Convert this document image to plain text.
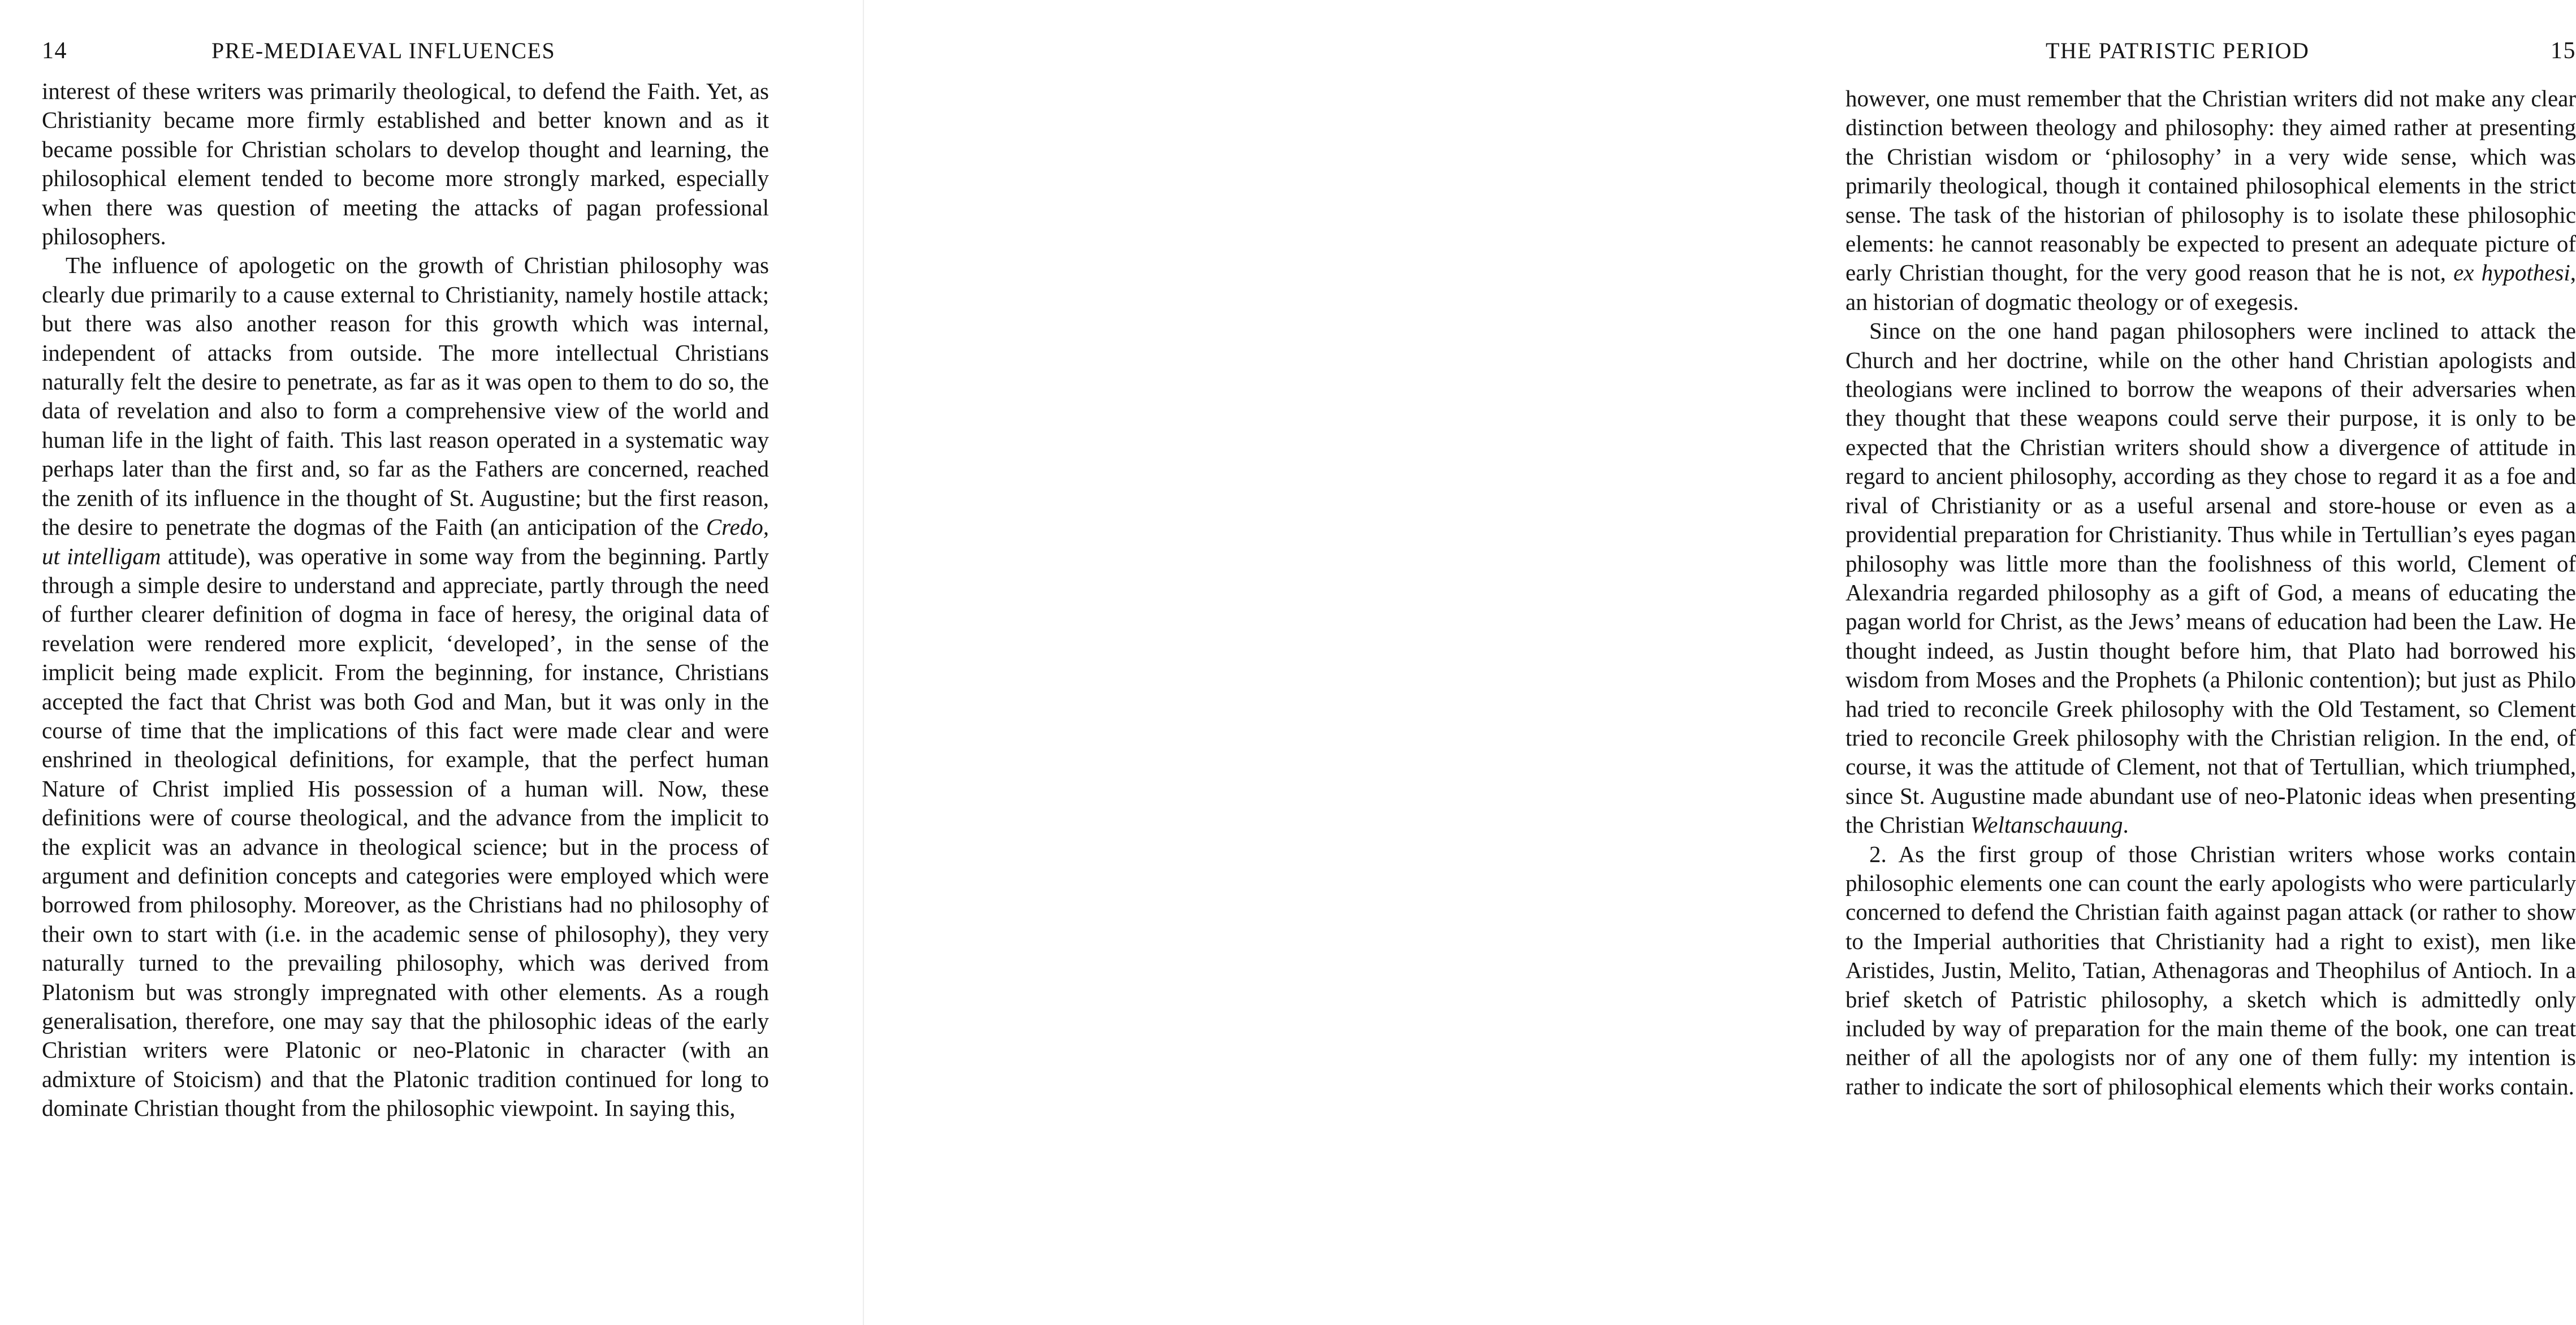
14	PRE-MEDIAEVAL INFLUENCES

interest of these writers was primarily theological, to defend the Faith. Yet, as Christianity became more firmly established and better known and as it became possible for Christian scholars to develop thought and learning, the philosophical element tended to become more strongly marked, especially when there was question of meeting the attacks of pagan professional philosophers.

The influence of apologetic on the growth of Christian philosophy was clearly due primarily to a cause external to Christianity, namely hostile attack; but there was also another reason for this growth which was internal, independent of attacks from outside. The more intellectual Christians naturally felt the desire to penetrate, as far as it was open to them to do so, the data of revelation and also to form a comprehensive view of the world and human life in the light of faith. This last reason operated in a systematic way perhaps later than the first and, so far as the Fathers are concerned, reached the zenith of its influence in the thought of St. Augustine; but the first reason, the desire to penetrate the dogmas of the Faith (an anticipation of the Credo, ut intelligam attitude), was operative in some way from the beginning. Partly through a simple desire to understand and appreciate, partly through the need of further clearer definition of dogma in face of heresy, the original data of revelation were rendered more explicit, ‘developed’, in the sense of the implicit being made explicit. From the beginning, for instance, Christians accepted the fact that Christ was both God and Man, but it was only in the course of time that the implications of this fact were made clear and were enshrined in theological definitions, for example, that the perfect human Nature of Christ implied His possession of a human will. Now, these definitions were of course theological, and the advance from the implicit to the explicit was an advance in theological science; but in the process of argument and definition concepts and categories were employed which were borrowed from philosophy. Moreover, as the Christians had no philosophy of their own to start with (i.e. in the academic sense of philosophy), they very naturally turned to the prevailing philosophy, which was derived from Platonism but was strongly impregnated with other elements. As a rough generalisation, therefore, one may say that the philosophic ideas of the early Christian writers were Platonic or neo-Platonic in character (with an admixture of Stoicism) and that the Platonic tradition continued for long to dominate Christian thought from the philosophic viewpoint. In saying this,

THE PATRISTIC PERIOD	15

however, one must remember that the Christian writers did not make any clear distinction between theology and philosophy: they aimed rather at presenting the Christian wisdom or ‘philosophy’ in a very wide sense, which was primarily theological, though it contained philosophical elements in the strict sense. The task of the historian of philosophy is to isolate these philosophic elements: he cannot reasonably be expected to present an adequate picture of early Christian thought, for the very good reason that he is not, ex hypothesi, an historian of dogmatic theology or of exegesis.

Since on the one hand pagan philosophers were inclined to attack the Church and her doctrine, while on the other hand Christian apologists and theologians were inclined to borrow the weapons of their adversaries when they thought that these weapons could serve their purpose, it is only to be expected that the Christian writers should show a divergence of attitude in regard to ancient philosophy, according as they chose to regard it as a foe and rival of Christianity or as a useful arsenal and store-house or even as a providential preparation for Christianity. Thus while in Tertullian’s eyes pagan philosophy was little more than the foolishness of this world, Clement of Alexandria regarded philosophy as a gift of God, a means of educating the pagan world for Christ, as the Jews’ means of education had been the Law. He thought indeed, as Justin thought before him, that Plato had borrowed his wisdom from Moses and the Prophets (a Philonic contention); but just as Philo had tried to reconcile Greek philosophy with the Old Testament, so Clement tried to reconcile Greek philosophy with the Christian religion. In the end, of course, it was the attitude of Clement, not that of Tertullian, which triumphed, since St. Augustine made abundant use of neo-Platonic ideas when presenting the Christian Weltanschauung.

2. As the first group of those Christian writers whose works contain philosophic elements one can count the early apologists who were particularly concerned to defend the Christian faith against pagan attack (or rather to show to the Imperial authorities that Christianity had a right to exist), men like Aristides, Justin, Melito, Tatian, Athenagoras and Theophilus of Antioch. In a brief sketch of Patristic philosophy, a sketch which is admittedly only included by way of preparation for the main theme of the book, one can treat neither of all the apologists nor of any one of them fully: my intention is rather to indicate the sort of philosophical elements which their works contain.
